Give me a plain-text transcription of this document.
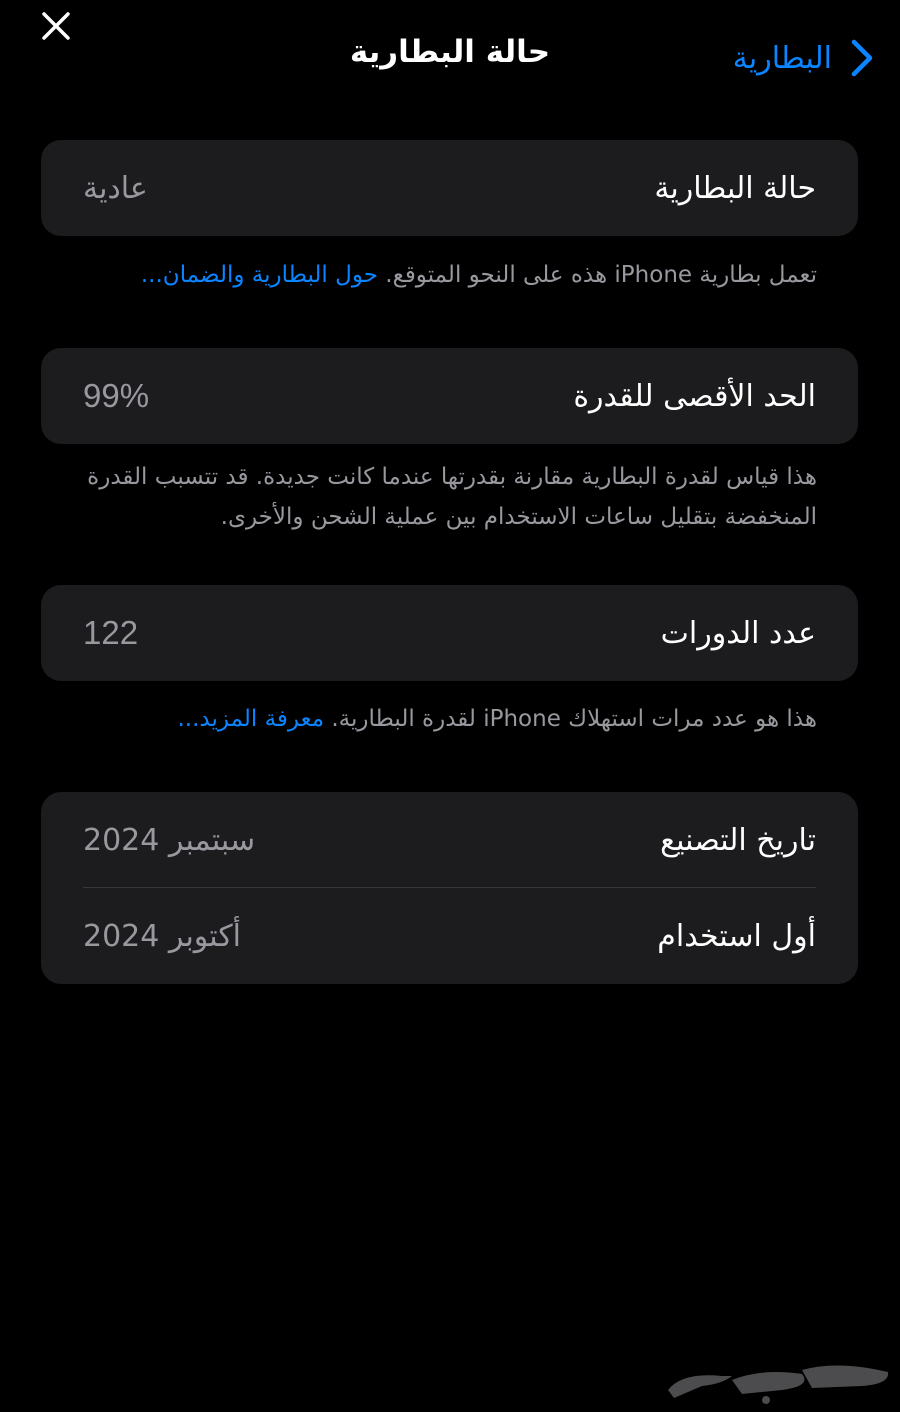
حالة البطارية	البطارية
حالة البطارية
عادية
تعمل بطارية iPhone هذه على النحو المتوقع. حول البطارية والضمان...
الحد الأقصى للقدرة
99%
هذا قياس لقدرة البطارية مقارنة بقدرتها عندما كانت جديدة. قد تتسبب القدرة المنخفضة بتقليل ساعات الاستخدام بين عملية الشحن والأخرى.
عدد الدورات
122
هذا هو عدد مرات استهلاك iPhone لقدرة البطارية. معرفة المزيد...
تاريخ التصنيع
سبتمبر 2024
أول استخدام
أكتوبر 2024
